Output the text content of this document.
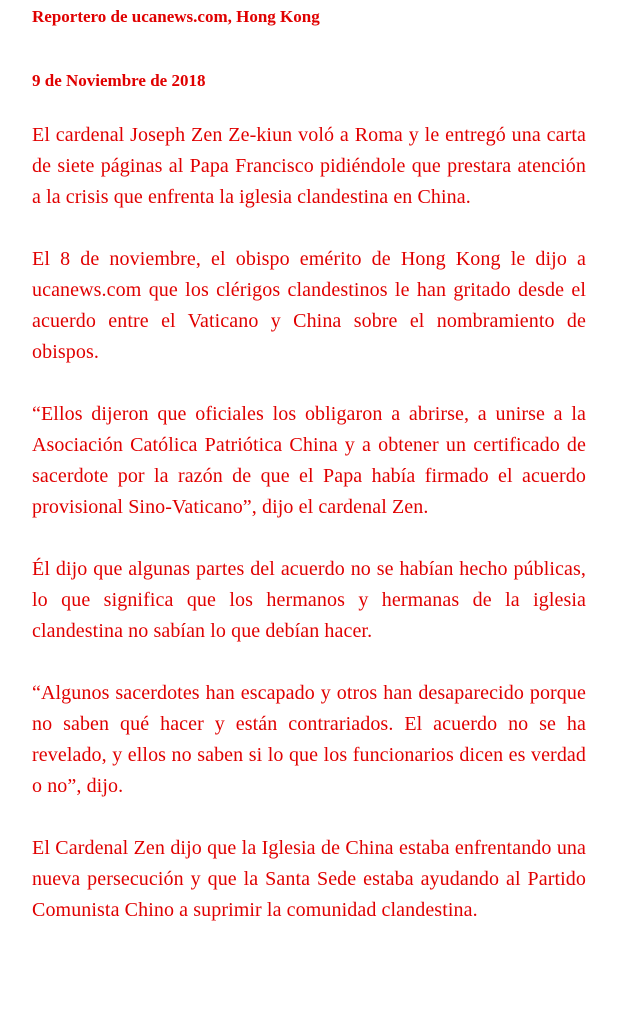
Reportero de ucanews.com, Hong Kong

9 de Noviembre de 2018

El cardenal Joseph Zen Ze-kiun voló a Roma y le entregó una carta de siete páginas al Papa Francisco pidiéndole que prestara atención a la crisis que enfrenta la iglesia clandestina en China.

El 8 de noviembre, el obispo emérito de Hong Kong le dijo a ucanews.com que los clérigos clandestinos le han gritado desde el acuerdo entre el Vaticano y China sobre el nombramiento de obispos.

“Ellos dijeron que oficiales los obligaron a abrirse, a unirse a la Asociación Católica Patriótica China y a obtener un certificado de sacerdote por la razón de que el Papa había firmado el acuerdo provisional Sino-Vaticano”, dijo el cardenal Zen.

Él dijo que algunas partes del acuerdo no se habían hecho públicas, lo que significa que los hermanos y hermanas de la iglesia clandestina no sabían lo que debían hacer.

“Algunos sacerdotes han escapado y otros han desaparecido porque no saben qué hacer y están contrariados. El acuerdo no se ha revelado, y ellos no saben si lo que los funcionarios dicen es verdad o no”, dijo.

El Cardenal Zen dijo que la Iglesia de China estaba enfrentando una nueva persecución y que la Santa Sede estaba ayudando al Partido Comunista Chino a suprimir la comunidad clandestina.
